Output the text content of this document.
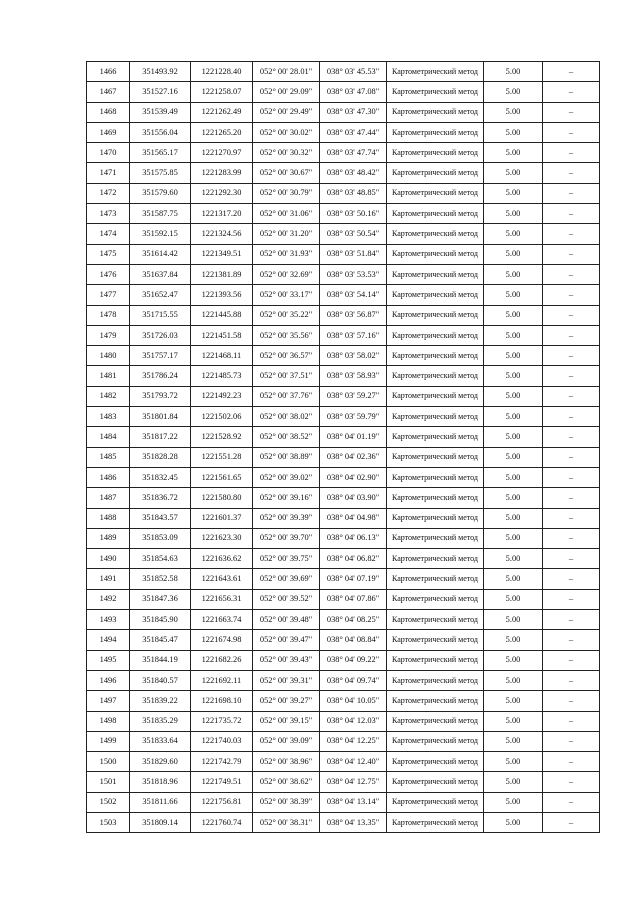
1466	351493.92	1221228.40	052° 00' 28.01"	038° 03' 45.53"	Картометрический метод	5.00	–
1467	351527.16	1221258.07	052° 00' 29.09"	038° 03' 47.08"	Картометрический метод	5.00	–
1468	351539.49	1221262.49	052° 00' 29.49"	038° 03' 47.30"	Картометрический метод	5.00	–
1469	351556.04	1221265.20	052° 00' 30.02"	038° 03' 47.44"	Картометрический метод	5.00	–
1470	351565.17	1221270.97	052° 00' 30.32"	038° 03' 47.74"	Картометрический метод	5.00	–
1471	351575.85	1221283.99	052° 00' 30.67"	038° 03' 48.42"	Картометрический метод	5.00	–
1472	351579.60	1221292.30	052° 00' 30.79"	038° 03' 48.85"	Картометрический метод	5.00	–
1473	351587.75	1221317.20	052° 00' 31.06"	038° 03' 50.16"	Картометрический метод	5.00	–
1474	351592.15	1221324.56	052° 00' 31.20"	038° 03' 50.54"	Картометрический метод	5.00	–
1475	351614.42	1221349.51	052° 00' 31.93"	038° 03' 51.84"	Картометрический метод	5.00	–
1476	351637.84	1221381.89	052° 00' 32.69"	038° 03' 53.53"	Картометрический метод	5.00	–
1477	351652.47	1221393.56	052° 00' 33.17"	038° 03' 54.14"	Картометрический метод	5.00	–
1478	351715.55	1221445.88	052° 00' 35.22"	038° 03' 56.87"	Картометрический метод	5.00	–
1479	351726.03	1221451.58	052° 00' 35.56"	038° 03' 57.16"	Картометрический метод	5.00	–
1480	351757.17	1221468.11	052° 00' 36.57"	038° 03' 58.02"	Картометрический метод	5.00	–
1481	351786.24	1221485.73	052° 00' 37.51"	038° 03' 58.93"	Картометрический метод	5.00	–
1482	351793.72	1221492.23	052° 00' 37.76"	038° 03' 59.27"	Картометрический метод	5.00	–
1483	351801.84	1221502.06	052° 00' 38.02"	038° 03' 59.79"	Картометрический метод	5.00	–
1484	351817.22	1221528.92	052° 00' 38.52"	038° 04' 01.19"	Картометрический метод	5.00	–
1485	351828.28	1221551.28	052° 00' 38.89"	038° 04' 02.36"	Картометрический метод	5.00	–
1486	351832.45	1221561.65	052° 00' 39.02"	038° 04' 02.90"	Картометрический метод	5.00	–
1487	351836.72	1221580.80	052° 00' 39.16"	038° 04' 03.90"	Картометрический метод	5.00	–
1488	351843.57	1221601.37	052° 00' 39.39"	038° 04' 04.98"	Картометрический метод	5.00	–
1489	351853.09	1221623.30	052° 00' 39.70"	038° 04' 06.13"	Картометрический метод	5.00	–
1490	351854.63	1221636.62	052° 00' 39.75"	038° 04' 06.82"	Картометрический метод	5.00	–
1491	351852.58	1221643.61	052° 00' 39.69"	038° 04' 07.19"	Картометрический метод	5.00	–
1492	351847.36	1221656.31	052° 00' 39.52"	038° 04' 07.86"	Картометрический метод	5.00	–
1493	351845.90	1221663.74	052° 00' 39.48"	038° 04' 08.25"	Картометрический метод	5.00	–
1494	351845.47	1221674.98	052° 00' 39.47"	038° 04' 08.84"	Картометрический метод	5.00	–
1495	351844.19	1221682.26	052° 00' 39.43"	038° 04' 09.22"	Картометрический метод	5.00	–
1496	351840.57	1221692.11	052° 00' 39.31"	038° 04' 09.74"	Картометрический метод	5.00	–
1497	351839.22	1221698.10	052° 00' 39.27"	038° 04' 10.05"	Картометрический метод	5.00	–
1498	351835.29	1221735.72	052° 00' 39.15"	038° 04' 12.03"	Картометрический метод	5.00	–
1499	351833.64	1221740.03	052° 00' 39.09"	038° 04' 12.25"	Картометрический метод	5.00	–
1500	351829.60	1221742.79	052° 00' 38.96"	038° 04' 12.40"	Картометрический метод	5.00	–
1501	351818.96	1221749.51	052° 00' 38.62"	038° 04' 12.75"	Картометрический метод	5.00	–
1502	351811.66	1221756.81	052° 00' 38.39"	038° 04' 13.14"	Картометрический метод	5.00	–
1503	351809.14	1221760.74	052° 00' 38.31"	038° 04' 13.35"	Картометрический метод	5.00	–
